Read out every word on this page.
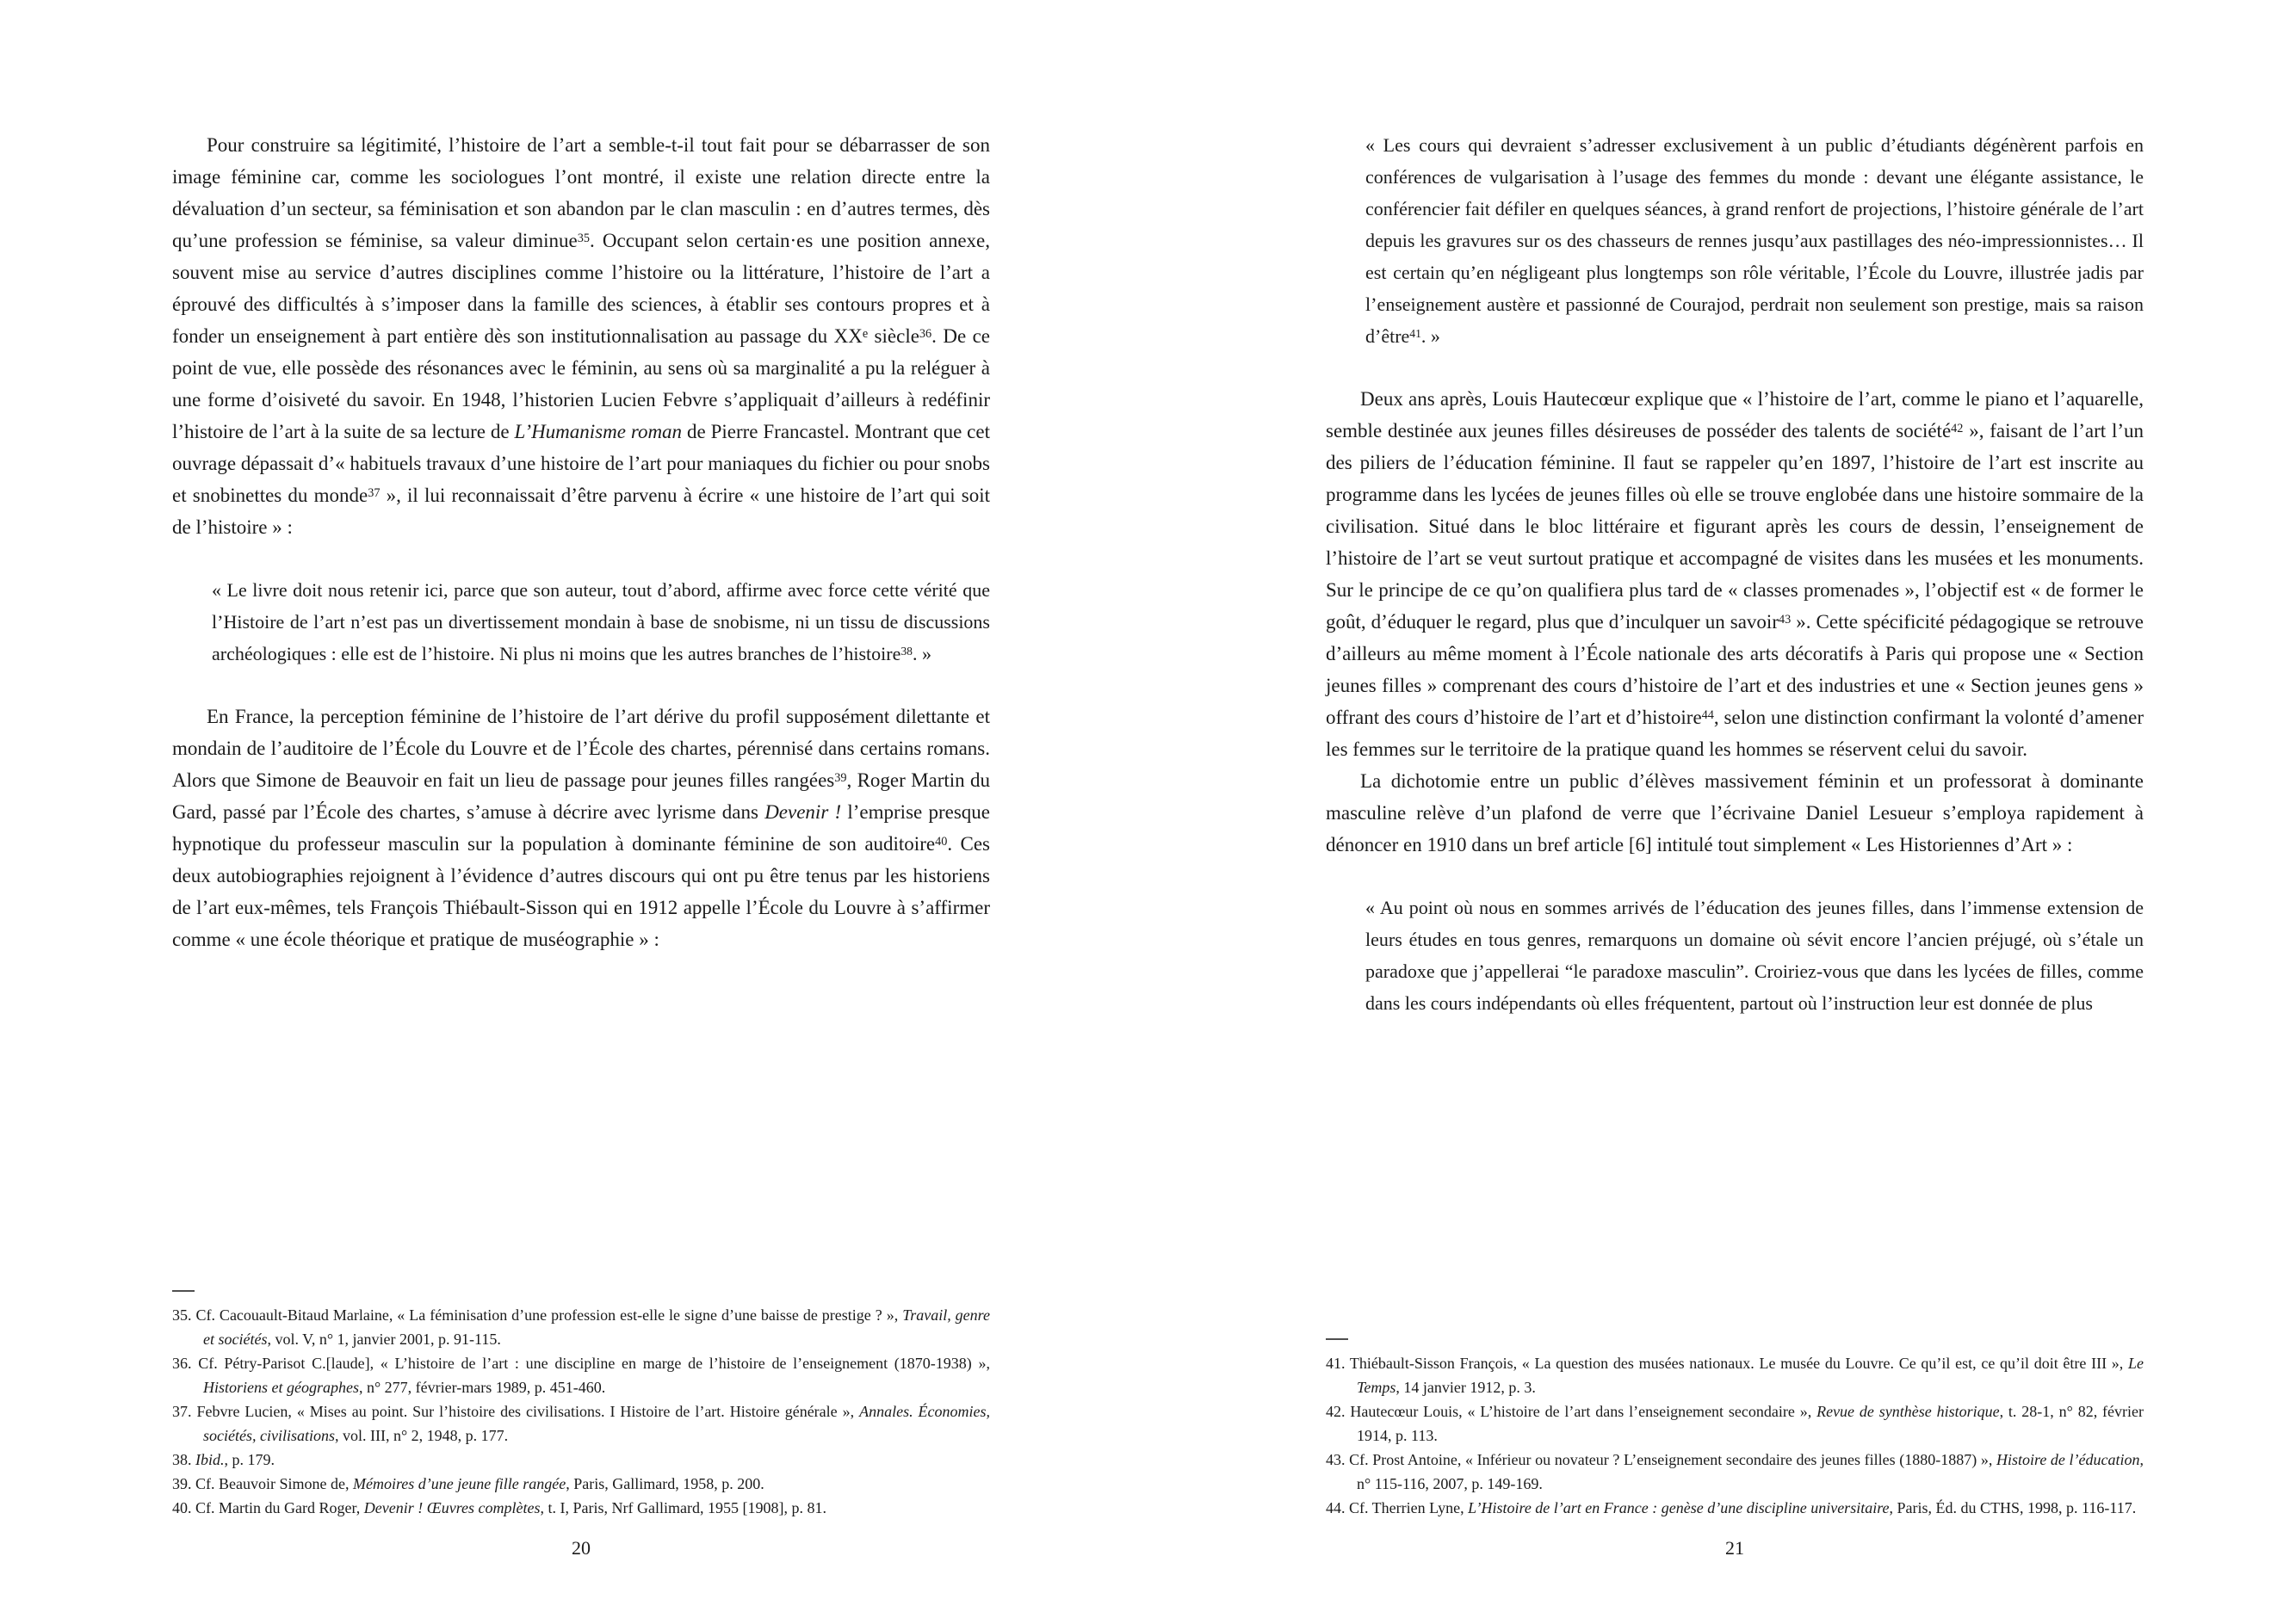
Pour construire sa légitimité, l’histoire de l’art a semble-t-il tout fait pour se débarrasser de son image féminine car, comme les sociologues l’ont montré, il existe une relation directe entre la dévaluation d’un secteur, sa féminisation et son abandon par le clan masculin : en d’autres termes, dès qu’une profession se féminise, sa valeur diminue$^{35}$. Occupant selon certain·es une position annexe, souvent mise au service d’autres disciplines comme l’histoire ou la littérature, l’histoire de l’art a éprouvé des difficultés à s’imposer dans la famille des sciences, à établir ses contours propres et à fonder un enseignement à part entière dès son institutionnalisation au passage du XXe siècle$^{36}$. De ce point de vue, elle possède des résonances avec le féminin, au sens où sa marginalité a pu la reléguer à une forme d’oisiveté du savoir. En 1948, l’historien Lucien Febvre s’appliquait d’ailleurs à redéfinir l’histoire de l’art à la suite de sa lecture de L’Humanisme roman de Pierre Francastel. Montrant que cet ouvrage dépassait d’« habituels travaux d’une histoire de l’art pour maniaques du fichier ou pour snobs et snobinettes du monde$^{37}$ », il lui reconnaissait d’être parvenu à écrire « une histoire de l’art qui soit de l’histoire » :

« Le livre doit nous retenir ici, parce que son auteur, tout d’abord, affirme avec force cette vérité que l’Histoire de l’art n’est pas un divertissement mondain à base de snobisme, ni un tissu de discussions archéologiques : elle est de l’histoire. Ni plus ni moins que les autres branches de l’histoire$^{38}$. »

En France, la perception féminine de l’histoire de l’art dérive du profil supposément dilettante et mondain de l’auditoire de l’École du Louvre et de l’École des chartes, pérennisé dans certains romans. Alors que Simone de Beauvoir en fait un lieu de passage pour jeunes filles rangées$^{39}$, Roger Martin du Gard, passé par l’École des chartes, s’amuse à décrire avec lyrisme dans Devenir ! l’emprise presque hypnotique du professeur masculin sur la population à dominante féminine de son auditoire$^{40}$. Ces deux autobiographies rejoignent à l’évidence d’autres discours qui ont pu être tenus par les historiens de l’art eux-mêmes, tels François Thiébault-Sisson qui en 1912 appelle l’École du Louvre à s’affirmer comme « une école théorique et pratique de muséographie » :

35. Cf. Cacouault-Bitaud Marlaine, « La féminisation d’une profession est-elle le signe d’une baisse de prestige ? », Travail, genre et sociétés, vol. V, n° 1, janvier 2001, p. 91-115.

36. Cf. Pétry-Parisot C.[laude], « L’histoire de l’art : une discipline en marge de l’histoire de l’enseignement (1870-1938) », Historiens et géographes, n° 277, février-mars 1989, p. 451-460.

37. Febvre Lucien, « Mises au point. Sur l’histoire des civilisations. I Histoire de l’art. Histoire générale », Annales. Économies, sociétés, civilisations, vol. III, n° 2, 1948, p. 177.

38. Ibid., p. 179.

39. Cf. Beauvoir Simone de, Mémoires d’une jeune fille rangée, Paris, Gallimard, 1958, p. 200.

40. Cf. Martin du Gard Roger, Devenir ! Œuvres complètes, t. I, Paris, Nrf Gallimard, 1955 [1908], p. 81.

20
« Les cours qui devraient s’adresser exclusivement à un public d’étudiants dégénèrent parfois en conférences de vulgarisation à l’usage des femmes du monde : devant une élégante assistance, le conférencier fait défiler en quelques séances, à grand renfort de projections, l’histoire générale de l’art depuis les gravures sur os des chasseurs de rennes jusqu’aux pastillages des néo-impressionnistes… Il est certain qu’en négligeant plus longtemps son rôle véritable, l’École du Louvre, illustrée jadis par l’enseignement austère et passionné de Courajod, perdrait non seulement son prestige, mais sa raison d’être$^{41}$. »

Deux ans après, Louis Hautecœur explique que « l’histoire de l’art, comme le piano et l’aquarelle, semble destinée aux jeunes filles désireuses de posséder des talents de société$^{42}$ », faisant de l’art l’un des piliers de l’éducation féminine. Il faut se rappeler qu’en 1897, l’histoire de l’art est inscrite au programme dans les lycées de jeunes filles où elle se trouve englobée dans une histoire sommaire de la civilisation. Situé dans le bloc littéraire et figurant après les cours de dessin, l’enseignement de l’histoire de l’art se veut surtout pratique et accompagné de visites dans les musées et les monuments. Sur le principe de ce qu’on qualifiera plus tard de « classes promenades », l’objectif est « de former le goût, d’éduquer le regard, plus que d’inculquer un savoir$^{43}$ ». Cette spécificité pédagogique se retrouve d’ailleurs au même moment à l’École nationale des arts décoratifs à Paris qui propose une « Section jeunes filles » comprenant des cours d’histoire de l’art et des industries et une « Section jeunes gens » offrant des cours d’histoire de l’art et d’histoire$^{44}$, selon une distinction confirmant la volonté d’amener les femmes sur le territoire de la pratique quand les hommes se réservent celui du savoir.

La dichotomie entre un public d’élèves massivement féminin et un professorat à dominante masculine relève d’un plafond de verre que l’écrivaine Daniel Lesueur s’employa rapidement à dénoncer en 1910 dans un bref article [6] intitulé tout simplement « Les Historiennes d’Art » :

« Au point où nous en sommes arrivés de l’éducation des jeunes filles, dans l’immense extension de leurs études en tous genres, remarquons un domaine où sévit encore l’ancien préjugé, où s’étale un paradoxe que j’appellerai “le paradoxe masculin”. Croiriez-vous que dans les lycées de filles, comme dans les cours indépendants où elles fréquentent, partout où l’instruction leur est donnée de plus

41. Thiébault-Sisson François, « La question des musées nationaux. Le musée du Louvre. Ce qu’il est, ce qu’il doit être III », Le Temps, 14 janvier 1912, p. 3.

42. Hautecœur Louis, « L’histoire de l’art dans l’enseignement secondaire », Revue de synthèse historique, t. 28-1, n° 82, février 1914, p. 113.

43. Cf. Prost Antoine, « Inférieur ou novateur ? L’enseignement secondaire des jeunes filles (1880-1887) », Histoire de l’éducation, n° 115-116, 2007, p. 149-169.

44. Cf. Therrien Lyne, L’Histoire de l’art en France : genèse d’une discipline universitaire, Paris, Éd. du CTHS, 1998, p. 116-117.

21
